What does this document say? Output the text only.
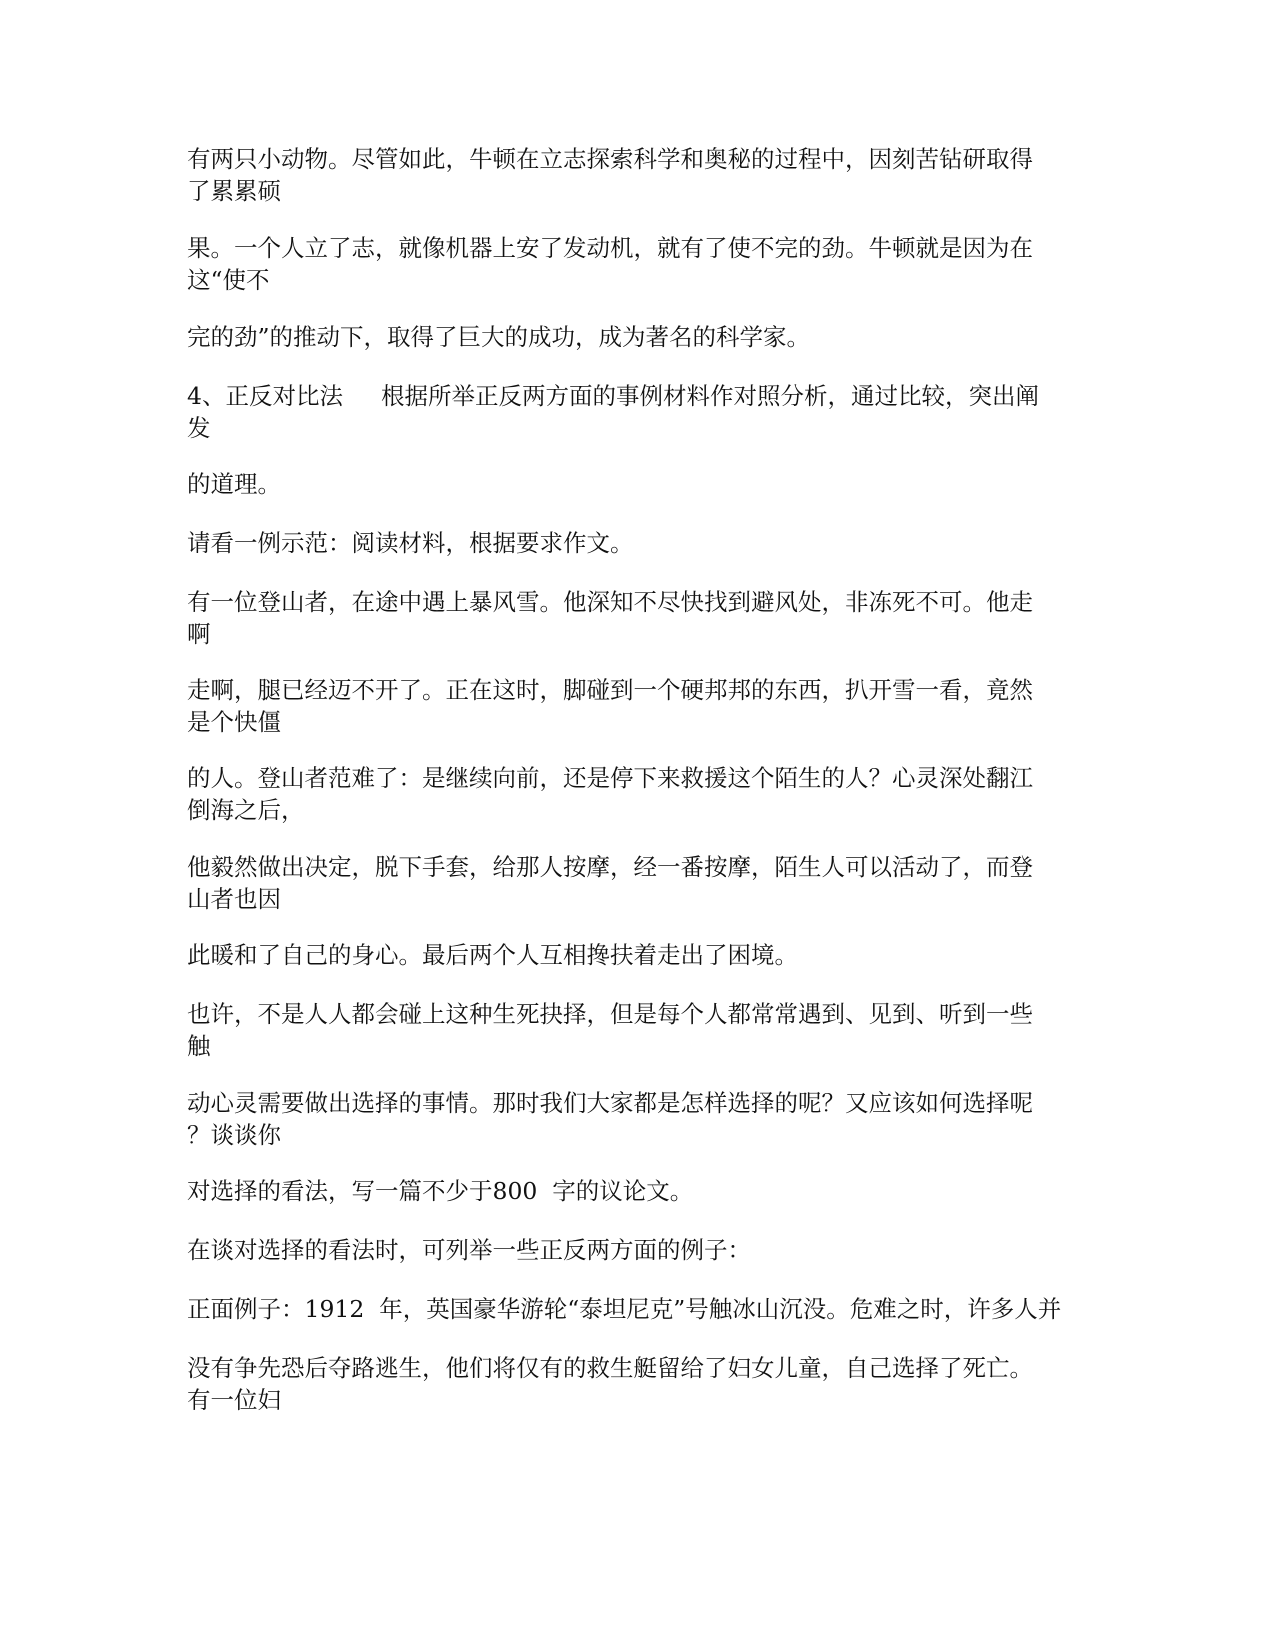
有两只小动物。尽管如此，牛顿在立志探索科学和奥秘的过程中，因刻苦钻研取得
了累累硕

果。一个人立了志，就像机器上安了发动机，就有了使不完的劲。牛顿就是因为在
这“使不

完的劲”的推动下，取得了巨大的成功，成为著名的科学家。

4、正反对比法 根据所举正反两方面的事例材料作对照分析，通过比较，突出阐
发

的道理。

请看一例示范：阅读材料，根据要求作文。

有一位登山者，在途中遇上暴风雪。他深知不尽快找到避风处，非冻死不可。他走
啊

走啊，腿已经迈不开了。正在这时，脚碰到一个硬邦邦的东西，扒开雪一看，竟然
是个快僵

的人。登山者范难了：是继续向前，还是停下来救援这个陌生的人？心灵深处翻江
倒海之后，

他毅然做出决定，脱下手套，给那人按摩，经一番按摩，陌生人可以活动了，而登
山者也因

此暖和了自己的身心。最后两个人互相搀扶着走出了困境。

也许，不是人人都会碰上这种生死抉择，但是每个人都常常遇到、见到、听到一些
触

动心灵需要做出选择的事情。那时我们大家都是怎样选择的呢？又应该如何选择呢
？谈谈你

对选择的看法，写一篇不少于800  字的议论文。

在谈对选择的看法时，可列举一些正反两方面的例子：

正面例子：1912  年，英国豪华游轮“泰坦尼克”号触冰山沉没。危难之时，许多人并

没有争先恐后夺路逃生，他们将仅有的救生艇留给了妇女儿童，自己选择了死亡。
有一位妇
